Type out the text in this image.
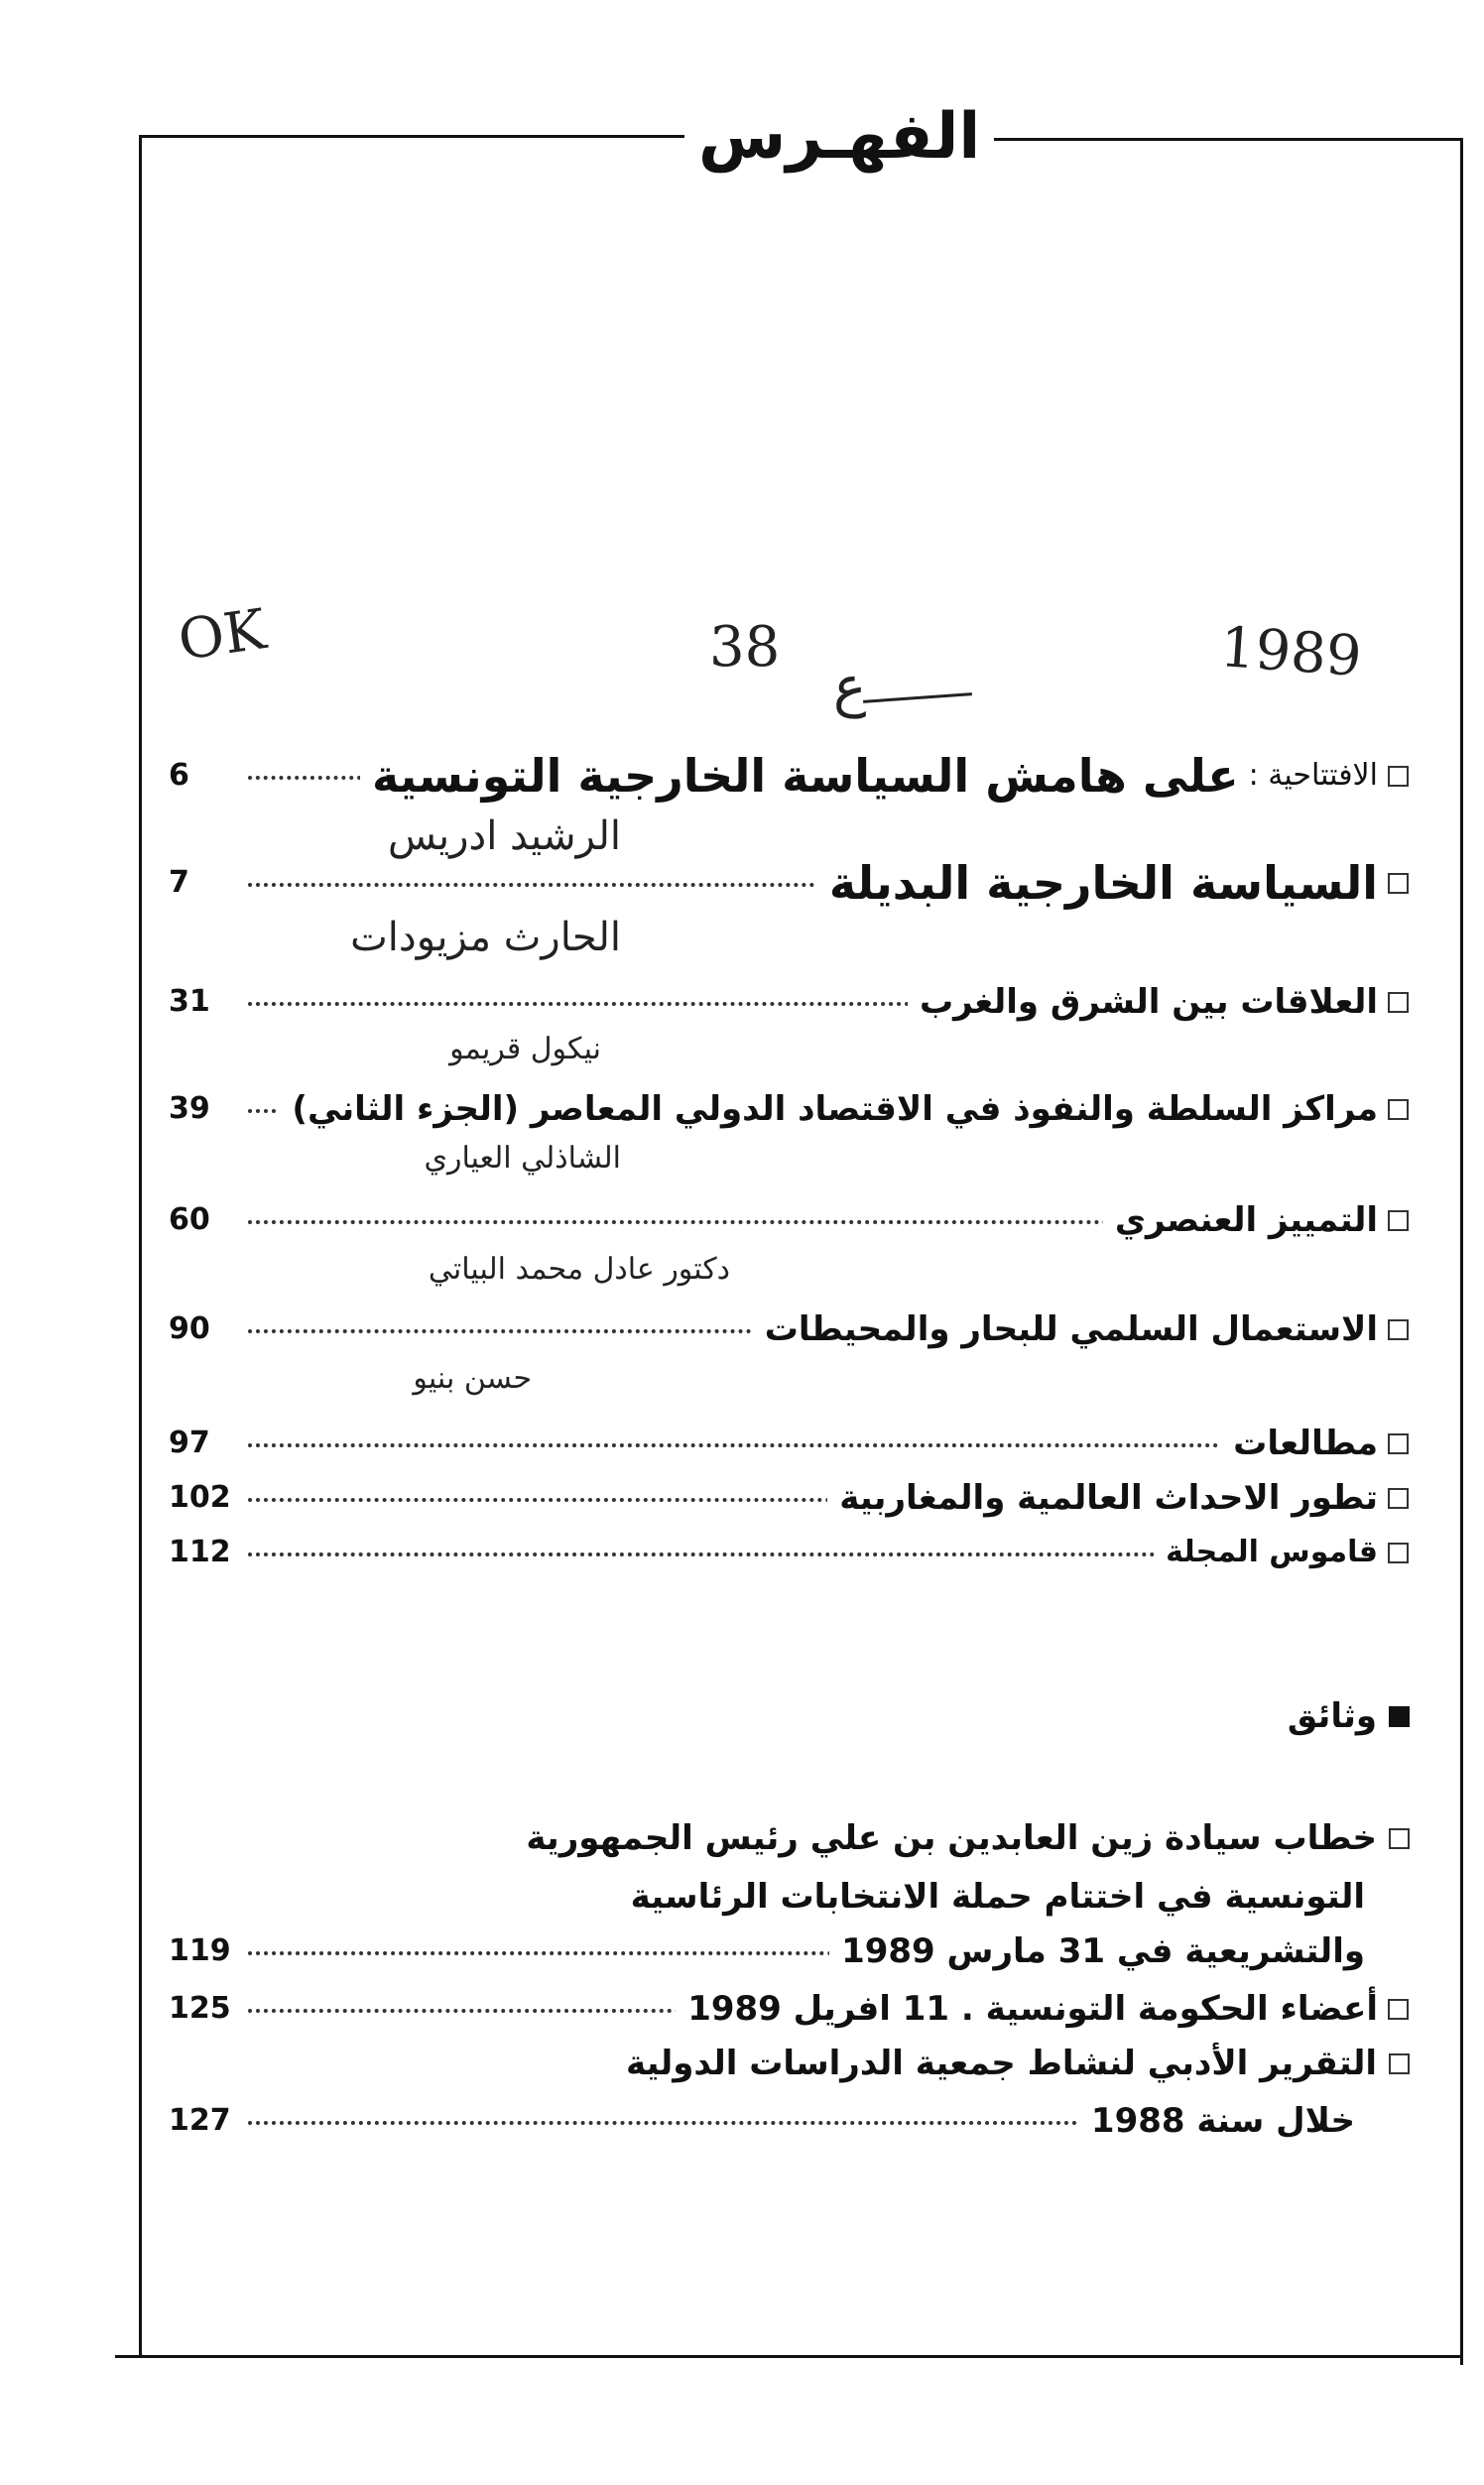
الفهـرس
OK	38
ع	1989
6	الافتتاحية :
على هامش السياسة الخارجية التونسية
الرشيد ادريس
7	السياسة الخارجية البديلة
الحارث مزيودات
31	العلاقات بين الشرق والغرب
نيكول قريمو
39 مراكز السلطة والنفوذ في الاقتصاد الدولي المعاصر (الجزء الثاني)
الشاذلي العياري
60	التمييز العنصري
دكتور عادل محمد البياتي
90	الاستعمال السلمي للبحار والمحيطات
حسن بنيو
97	مطالعات
102	تطور الاحداث العالمية والمغاربية
112	قاموس المجلة
وثائق
خطاب سيادة زين العابدين بن علي رئيس الجمهورية
التونسية في اختتام حملة الانتخابات الرئاسية
119	والتشريعية في 31 مارس 1989
125	أعضاء الحكومة التونسية . 11 افريل 1989
التقرير الأدبي لنشاط جمعية الدراسات الدولية
127	خلال سنة 1988
